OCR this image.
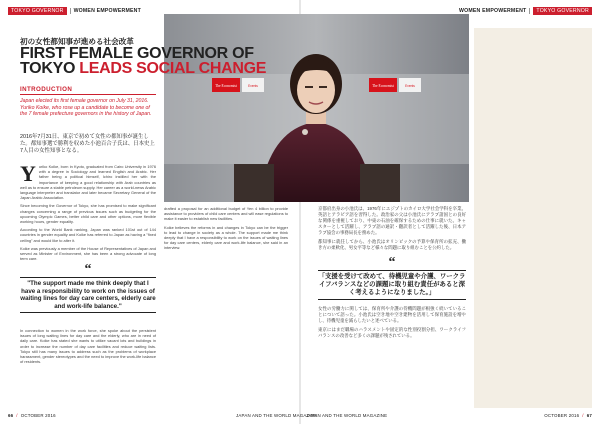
TOKYO GOVERNOR	WOMEN EMPOWERMENT	WOMEN EMPOWERMENT	TOKYO GOVERNOR
The Economist	Events	The Economist	Events
初の女性都知事が進める社会改革
FIRST FEMALE GOVERNOR OF
TOKYO LEADS SOCIAL CHANGE
INTRODUCTION
Japan elected its first female governor on July 31, 2016. Yuriko Koike, who rose up a candidate to become one of the 7 female prefecture governors in the history of Japan.
2016年7月31日、東京で初めて女性の都知事が誕生した。都知事選で勝利を収めた小池百合子氏は、日本史上7人目の女性知事となる。

Yuriko Koike, born in Kyoto, graduated from Cairo University in 1976 with a degree in Sociology and learned English and Arabic. Her father being a political himself, Ichiro instilled her with the importance of keeping a good relationship with Arab countries as well as to ensure a stable petroleum supply. Her career as a world-news Arabic language interpreter and translator and later became Secretary General of the Japan Arabic Association.

Since becoming the Governor of Tokyo, she has promised to make significant changes concerning a range of previous issues such as budgeting for the upcoming Olympic Games, better child care and other options, more flexible working hours, gender equality.

According to the World Bank ranking, Japan was ranked 101st out of 144 countries in gender equality and Koike has referred to Japan as having a "fixed ceiling" and would like to alter it.

Koike was previously a member of the House of Representatives of Japan and served as Minister of Environment, she has been a strong advocate of long term care.

“
"The support made me think deeply that I have a responsibility to work on the issues of waiting lines for day care centers, elderly care and work-life balance."

In connection to women in the work force, she spoke about the persistent issues of long waiting lines for day care and the elderly, who are in need of daily care. Koike has stated she wants to utilize vacant lots and buildings in order to increase the number of day care facilities and reduce waiting lists. Tokyo still has many issues to address such as the problems of workplace harassment, gender stereotypes and the need to improve the work-life balance of residents.

drafted a proposal for an additional budget of Yen 4 billion to provide assistance to providers of child care centers and will ease regulations to make it easier to establish new facilities.

Koike believes the reforms in and changes in Tokyo can be the trigger to lead to change in society as a whole. The support made me think deeply that I have a responsibility to work on the issues of waiting lines for day care centers, elderly care and work-life balance, she said in an interview.

京都府出身の小池氏は、1976年にエジプトのカイロ大学社会学科を卒業。英語とアラビア語を習得した。政治家の父は小池氏にアラブ諸国との良好な関係を重視しており、中東の石油を確保するための仕事に就いた。キャスターとして活躍し、アラブ語の通訳・翻訳者として活躍した後、日本アラブ協会の事務局長を務めた。

都知事に就任してから、小池氏はオリンピックの予算や保育所の拡充、働き方の柔軟化、男女平等など様々な問題に取り組むことを公約した。

“
「支援を受けて改めて、待機児童や介護、ワークライフバランスなどの課題に取り組む責任があると深く考えるようになりました。」

女性の労働力に関しては、保育所や介護の待機問題が根強く続いていることについて語った。小池氏は空き地や空き建物を活用して保育施設を増やし、待機児童を減らしたいと述べている。

東京にはまだ職場のハラスメントや固定的な性別役割分担、ワークライフバランスの改善など多くの課題が残されている。

66 / OCTOBER 2016	JAPAN AND THE WORLD MAGAZINE
JAPAN AND THE WORLD MAGAZINE	OCTOBER 2016 / 67
